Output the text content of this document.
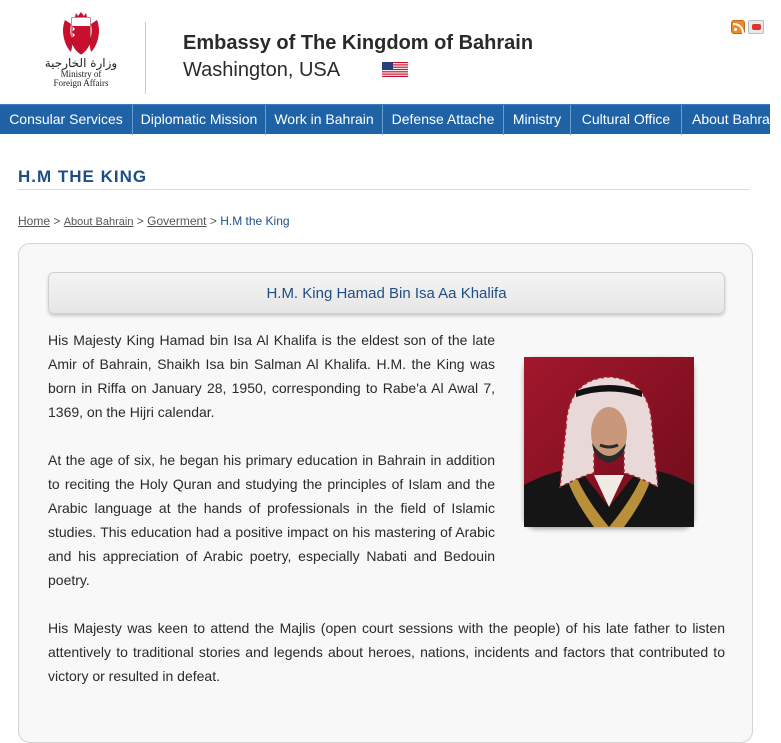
وزارة الخارجية
Ministry of
Foreign Affairs
Embassy of The Kingdom of Bahrain
Washington, USA
Consular Services	Diplomatic Mission	Work in Bahrain	Defense Attache	Ministry	Cultural Office	About Bahrain
H.M THE KING
Home > About Bahrain > Goverment > H.M the King
H.M. King Hamad Bin Isa Aa Khalifa

His Majesty King Hamad bin Isa Al Khalifa is the eldest son of the late Amir of Bahrain, Shaikh Isa bin Salman Al Khalifa. H.M. the King was born in Riffa on January 28, 1950, corresponding to Rabe'a Al Awal 7, 1369, on the Hijri calendar.

At the age of six, he began his primary education in Bahrain in addition to reciting the Holy Quran and studying the principles of Islam and the Arabic language at the hands of professionals in the field of Islamic studies. This education had a positive impact on his mastering of Arabic and his appreciation of Arabic poetry, especially Nabati and Bedouin poetry.

His Majesty was keen to attend the Majlis (open court sessions with the people) of his late father to listen attentively to traditional stories and legends about heroes, nations, incidents and factors that contributed to victory or resulted in defeat.
